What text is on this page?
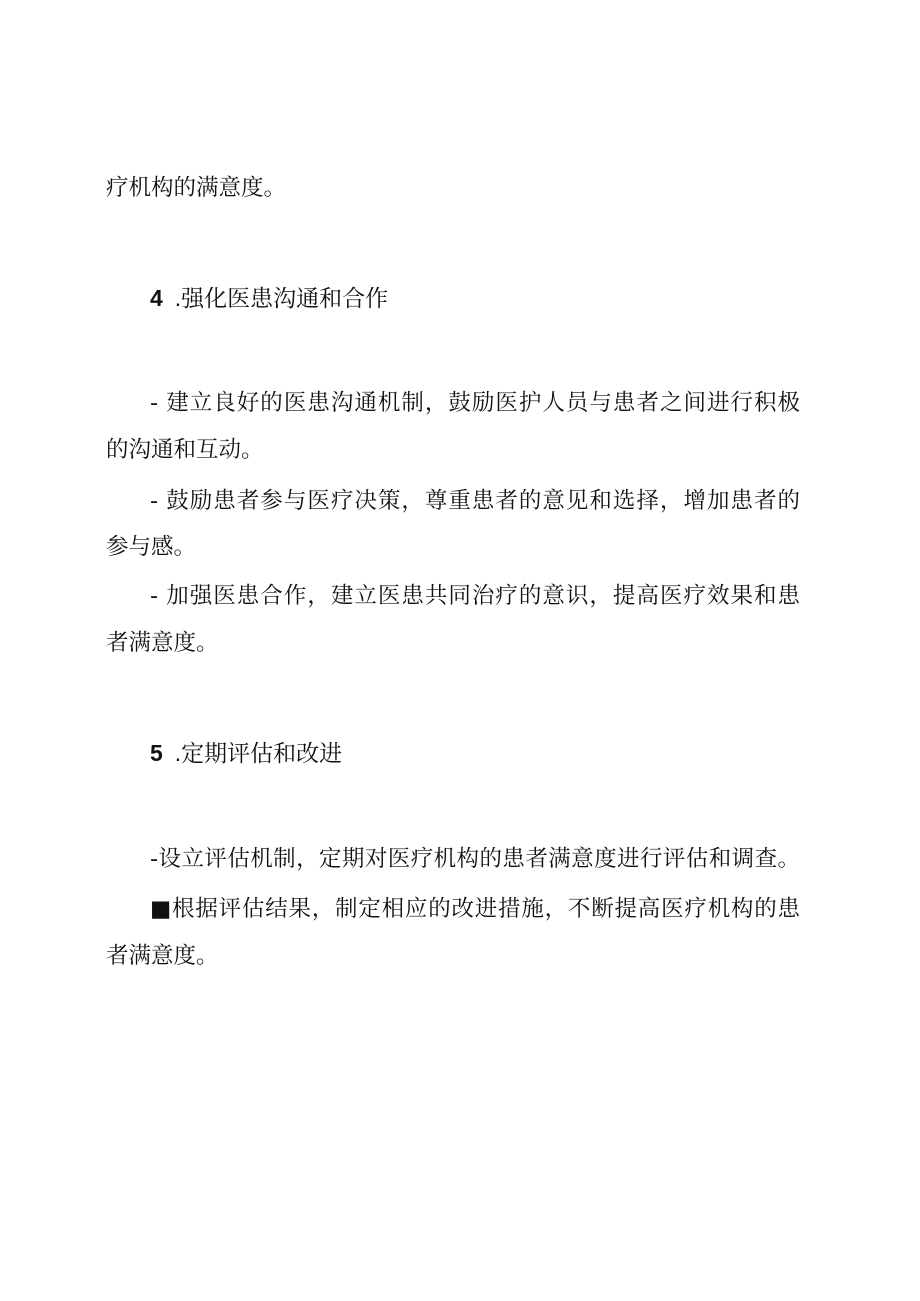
疗机构的满意度。

4 .强化医患沟通和合作

- 建立良好的医患沟通机制，鼓励医护人员与患者之间进行积极

的沟通和互动。

- 鼓励患者参与医疗决策，尊重患者的意见和选择，增加患者的

参与感。

- 加强医患合作，建立医患共同治疗的意识，提高医疗效果和患

者满意度。

5 .定期评估和改进

-设立评估机制，定期对医疗机构的患者满意度进行评估和调查。

■根据评估结果，制定相应的改进措施，不断提高医疗机构的患

者满意度。
